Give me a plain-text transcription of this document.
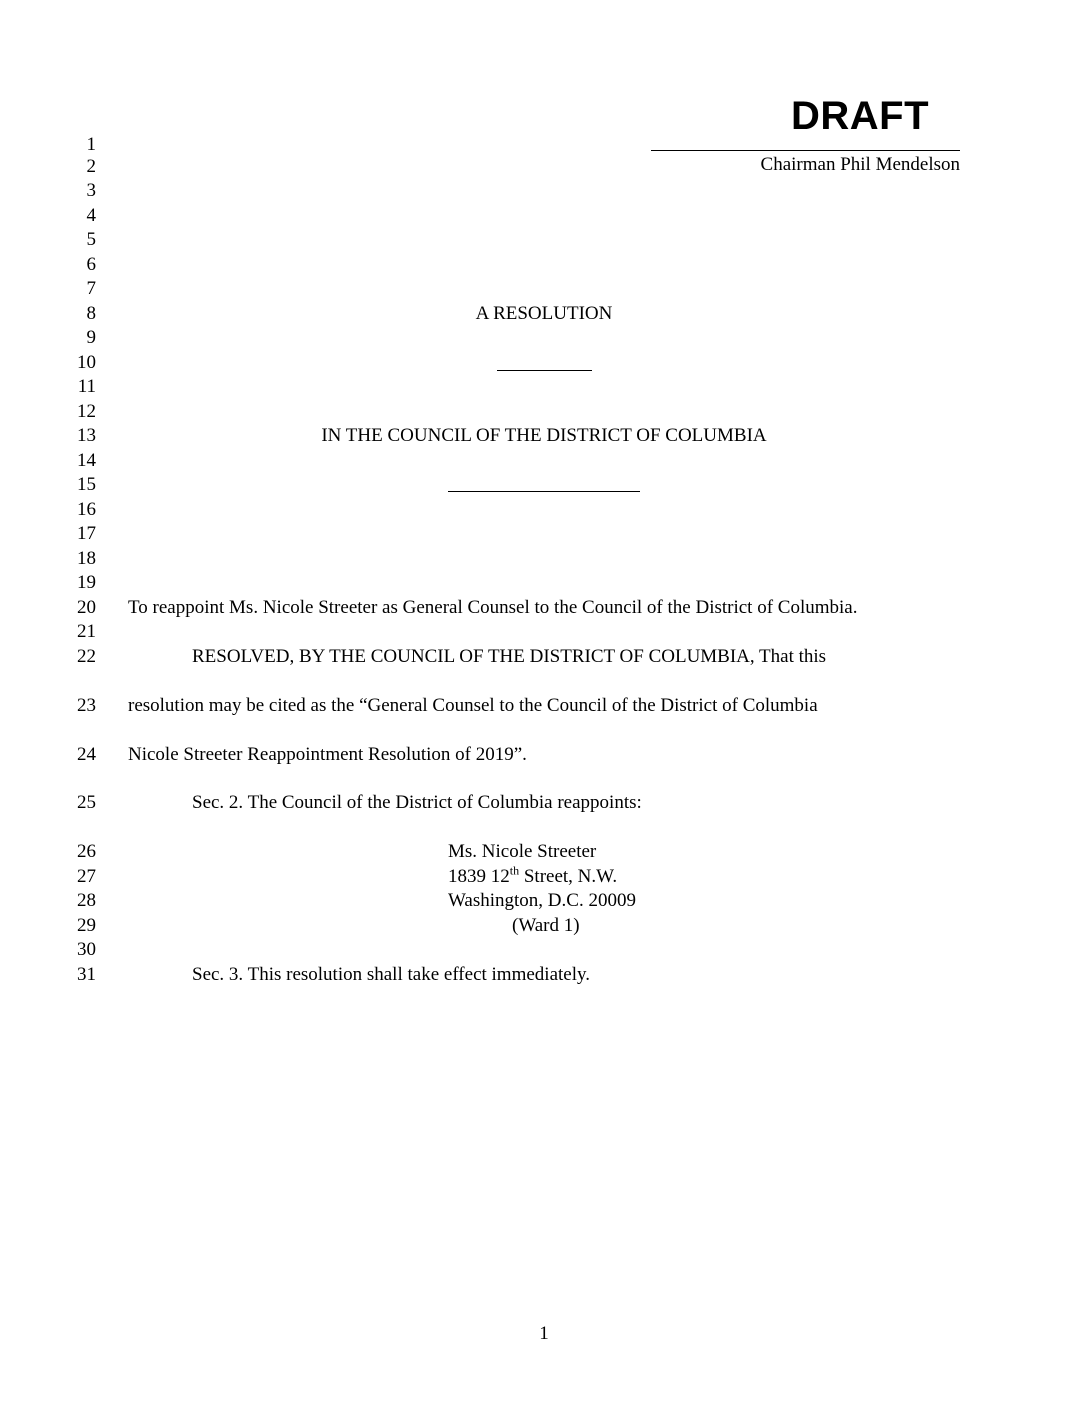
DRAFT
Chairman Phil Mendelson
1
2
3
4
5
6
7
8
9
10
11
12
13
14
15
16
17
18
19
20
21
22
23
24
25
26
27
28
29
30
31
A RESOLUTION
IN THE COUNCIL OF THE DISTRICT OF COLUMBIA
To reappoint Ms. Nicole Streeter as General Counsel to the Council of the District of Columbia.
RESOLVED, BY THE COUNCIL OF THE DISTRICT OF COLUMBIA, That this
resolution may be cited as the “General Counsel to the Council of the District of Columbia
Nicole Streeter Reappointment Resolution of 2019”.
Sec. 2. The Council of the District of Columbia reappoints:
Ms. Nicole Streeter
1839 12th Street, N.W.
Washington, D.C. 20009
(Ward 1)
Sec. 3. This resolution shall take effect immediately.
1
